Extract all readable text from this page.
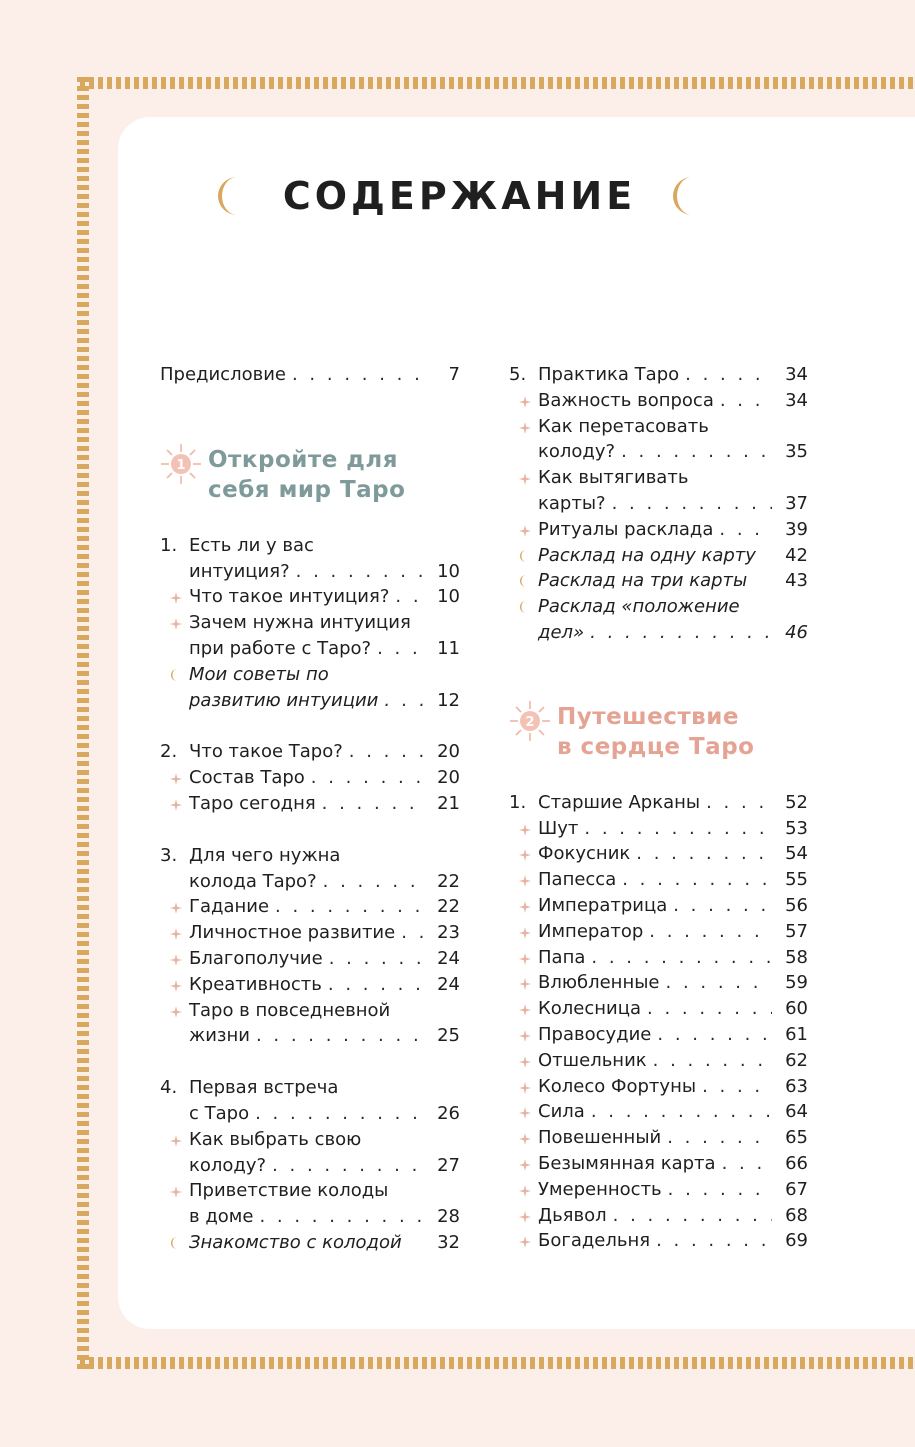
СОДЕРЖАНИЕ
Предисловие . . .	7
1 Откройте для
себя мир Таро
1. Есть ли у вас
интуиция? . . .	10
Что такое интуиция? . . .	10
Зачем нужна интуиция
при работе с Таро? . . .	11
Мои советы по
развитию интуиции . . .	12
2. Что такое Таро? . . .	20
Состав Таро . . .	20
Таро сегодня . . .	21
3. Для чего нужна
колода Таро? . . .	22
Гадание . . .	22
Личностное развитие . . .	23
Благополучие . . .	24
Креативность . . .	24
Таро в повседневной
жизни . . .	25
4. Первая встреча
с Таро . . .	26
Как выбрать свою
колоду? . . .	27
Приветствие колоды
в доме . . .	28
Знакомство с колодой	32
5. Практика Таро . . .	34
Важность вопроса . . .	34
Как перетасовать
колоду? . . .	35
Как вытягивать
карты? . . .	37
Ритуалы расклада . . .	39
Расклад на одну карту	42
Расклад на три карты	43
Расклад «положение
дел» . . .	46
2 Путешествие
в сердце Таро
1. Старшие Арканы . . .	52
Шут . . .	53
Фокусник . . .	54
Папесса . . .	55
Императрица . . .	56
Император . . .	57
Папа . . .	58
Влюбленные . . .	59
Колесница . . .	60
Правосудие . . .	61
Отшельник . . .	62
Колесо Фортуны . . .	63
Сила . . .	64
Повешенный . . .	65
Безымянная карта . . .	66
Умеренность . . .	67
Дьявол . . .	68
Богадельня . . .	69
